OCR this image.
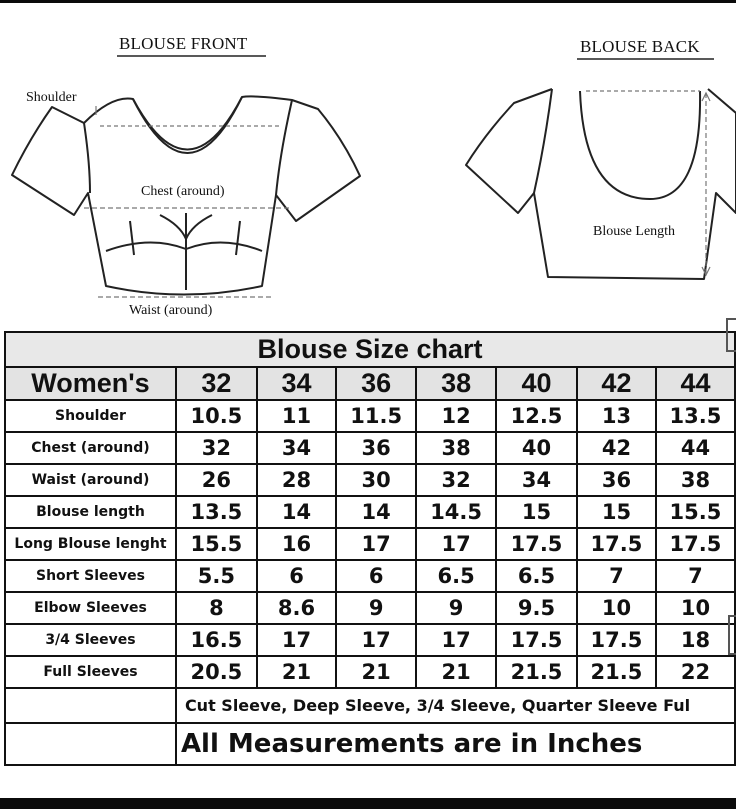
BLOUSE FRONT	BLOUSE BACK
Shoulder
Chest (around)
Waist (around)
Blouse Length
Blouse Size chart							
Women's	32	34	36	38	40	42	44
Shoulder	10.5	11	11.5	12	12.5	13	13.5
Chest (around)	32	34	36	38	40	42	44
Waist (around)	26	28	30	32	34	36	38
Blouse length	13.5	14	14	14.5	15	15	15.5
Long Blouse lenght	15.5	16	17	17	17.5	17.5	17.5
Short Sleeves	5.5	6	6	6.5	6.5	7	7
Elbow Sleeves	8	8.6	9	9	9.5	10	10
3/4 Sleeves	16.5	17	17	17	17.5	17.5	18
Full Sleeves	20.5	21	21	21	21.5	21.5	22
	Cut Sleeve, Deep Sleeve, 3/4 Sleeve, Quarter Sleeve Ful						
	All Measurements are in Inches						
